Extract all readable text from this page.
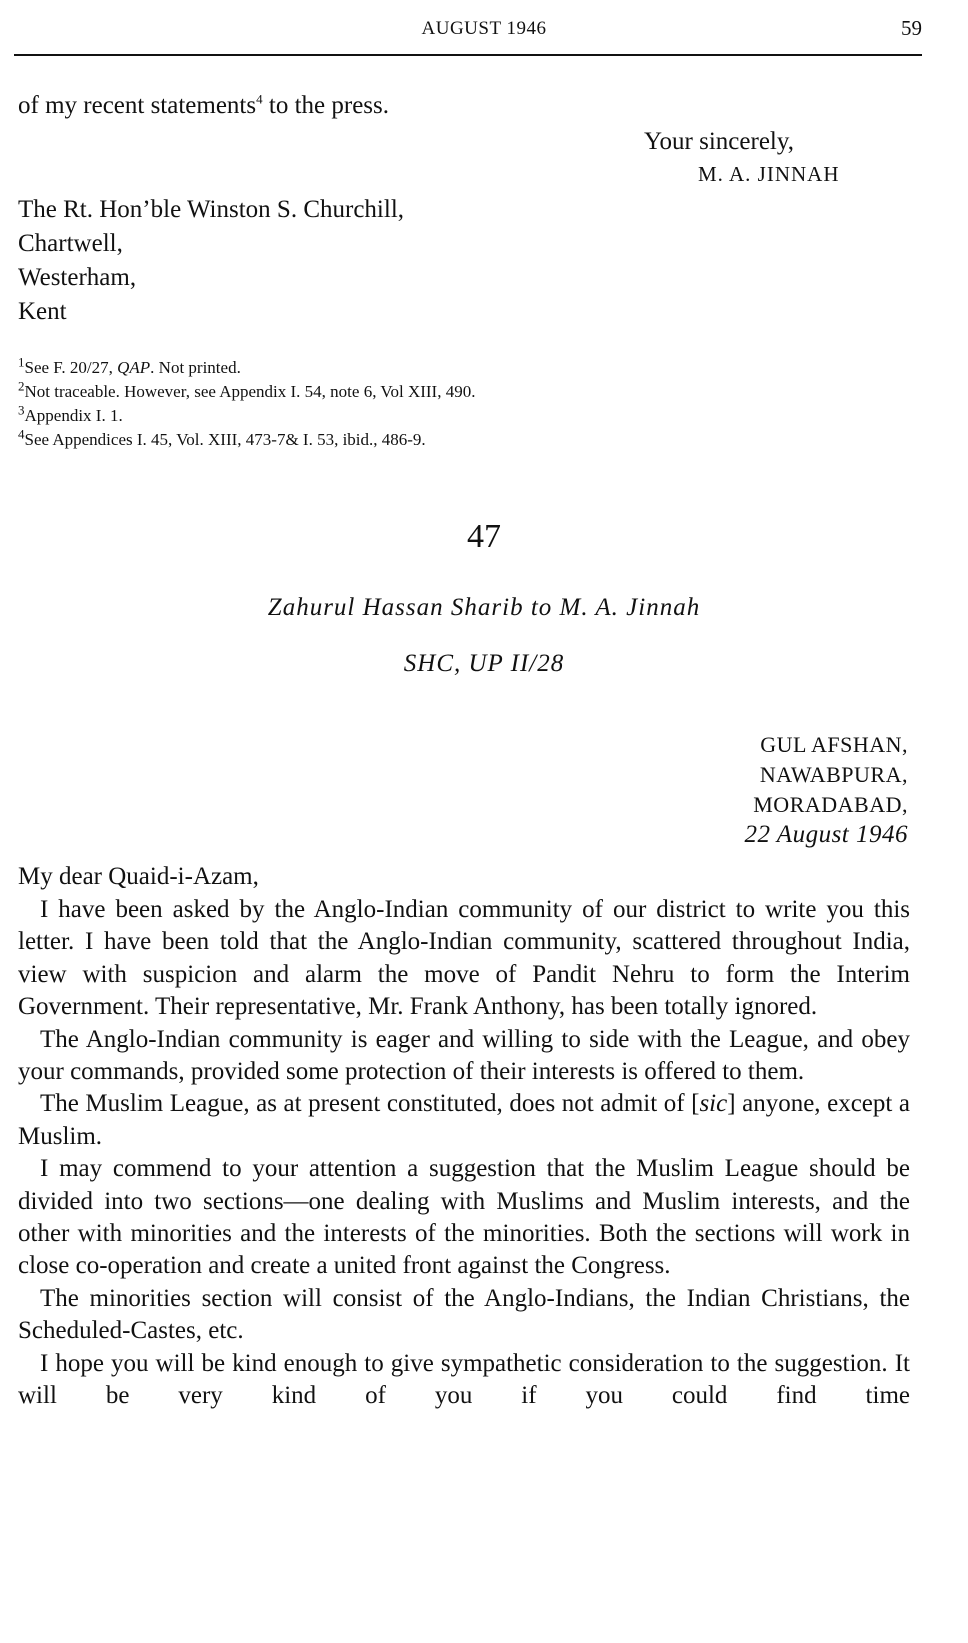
AUGUST 1946	59
of my recent statements$^4$ to the press.
Your sincerely,
M. A. JINNAH
The Rt. Hon’ble Winston S. Churchill,
Chartwell,
Westerham,
Kent
$^1$See F. 20/27, QAP. Not printed.
$^2$Not traceable. However, see Appendix I. 54, note 6, Vol XIII, 490.
$^3$Appendix I. 1.
$^4$See Appendices I. 45, Vol. XIII, 473-7& I. 53, ibid., 486-9.
47
Zahurul Hassan Sharib to M. A. Jinnah
SHC, UP II/28
GUL AFSHAN,
NAWABPURA,
MORADABAD,
22 August 1946

My dear Quaid-i-Azam,

I have been asked by the Anglo-Indian community of our district to write you this letter. I have been told that the Anglo-Indian community, scattered throughout India, view with suspicion and alarm the move of Pandit Nehru to form the Interim Government. Their representative, Mr. Frank Anthony, has been totally ignored.

The Anglo-Indian community is eager and willing to side with the League, and obey your commands, provided some protection of their interests is offered to them.

The Muslim League, as at present constituted, does not admit of [sic] anyone, except a Muslim.

I may commend to your attention a suggestion that the Muslim League should be divided into two sections—one dealing with Muslims and Muslim interests, and the other with minorities and the interests of the minorities. Both the sections will work in close co-operation and create a united front against the Congress.

The minorities section will consist of the Anglo-Indians, the Indian Christians, the Scheduled-Castes, etc.

I hope you will be kind enough to give sympathetic consideration to the suggestion. It will be very kind of you if you could find time
